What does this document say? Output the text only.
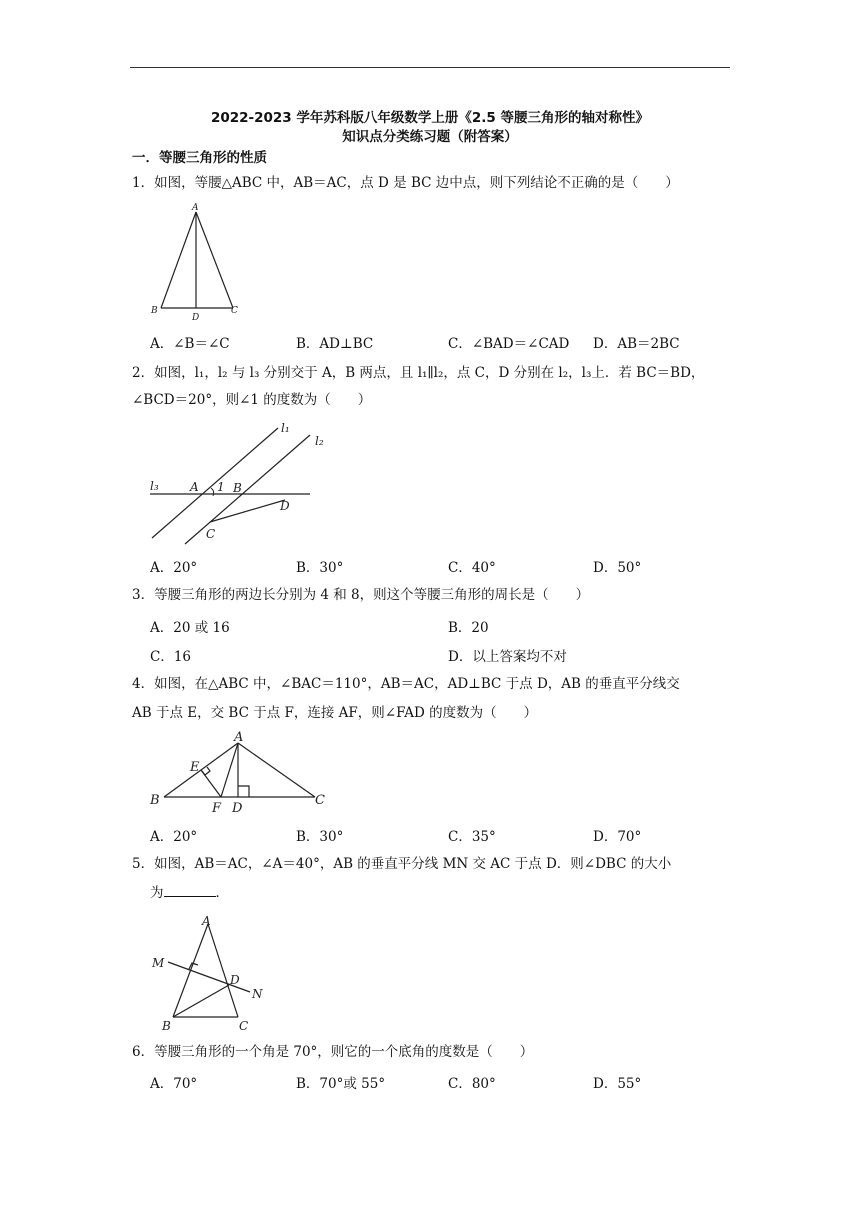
2022-2023 学年苏科版八年级数学上册《2.5 等腰三角形的轴对称性》
知识点分类练习题（附答案）
一．等腰三角形的性质
1．如图，等腰△ABC 中，AB＝AC，点 D 是 BC 边中点，则下列结论不正确的是（　　）
A
B
D
C
A．∠B＝∠C	B．AD⊥BC	C．∠BAD＝∠CAD D．AB＝2BC
2．如图，l₁，l₂ 与 l₃ 分别交于 A，B 两点，且 l₁∥l₂，点 C，D 分别在 l₂，l₃上．若 BC＝BD，
∠BCD＝20°，则∠1 的度数为（　　）
l₁
l₂
l₃	A 1 B
D
C
A．20°	B．30°	C．40°	D．50°
3．等腰三角形的两边长分别为 4 和 8，则这个等腰三角形的周长是（　　）
A．20 或 16	B．20
C．16	D．以上答案均不对
4．如图，在△ABC 中，∠BAC＝110°，AB＝AC，AD⊥BC 于点 D，AB 的垂直平分线交
AB 于点 E，交 BC 于点 F，连接 AF，则∠FAD 的度数为（　　）
A
E
B
F D
C
A．20°	B．30°	C．35°	D．70°
5．如图，AB＝AC，∠A＝40°，AB 的垂直平分线 MN 交 AC 于点 D．则∠DBC 的大小
为	．
A
M
D
N
B	C
6．等腰三角形的一个角是 70°，则它的一个底角的度数是（　　）
A．70°	B．70°或 55°	C．80°	D．55°
